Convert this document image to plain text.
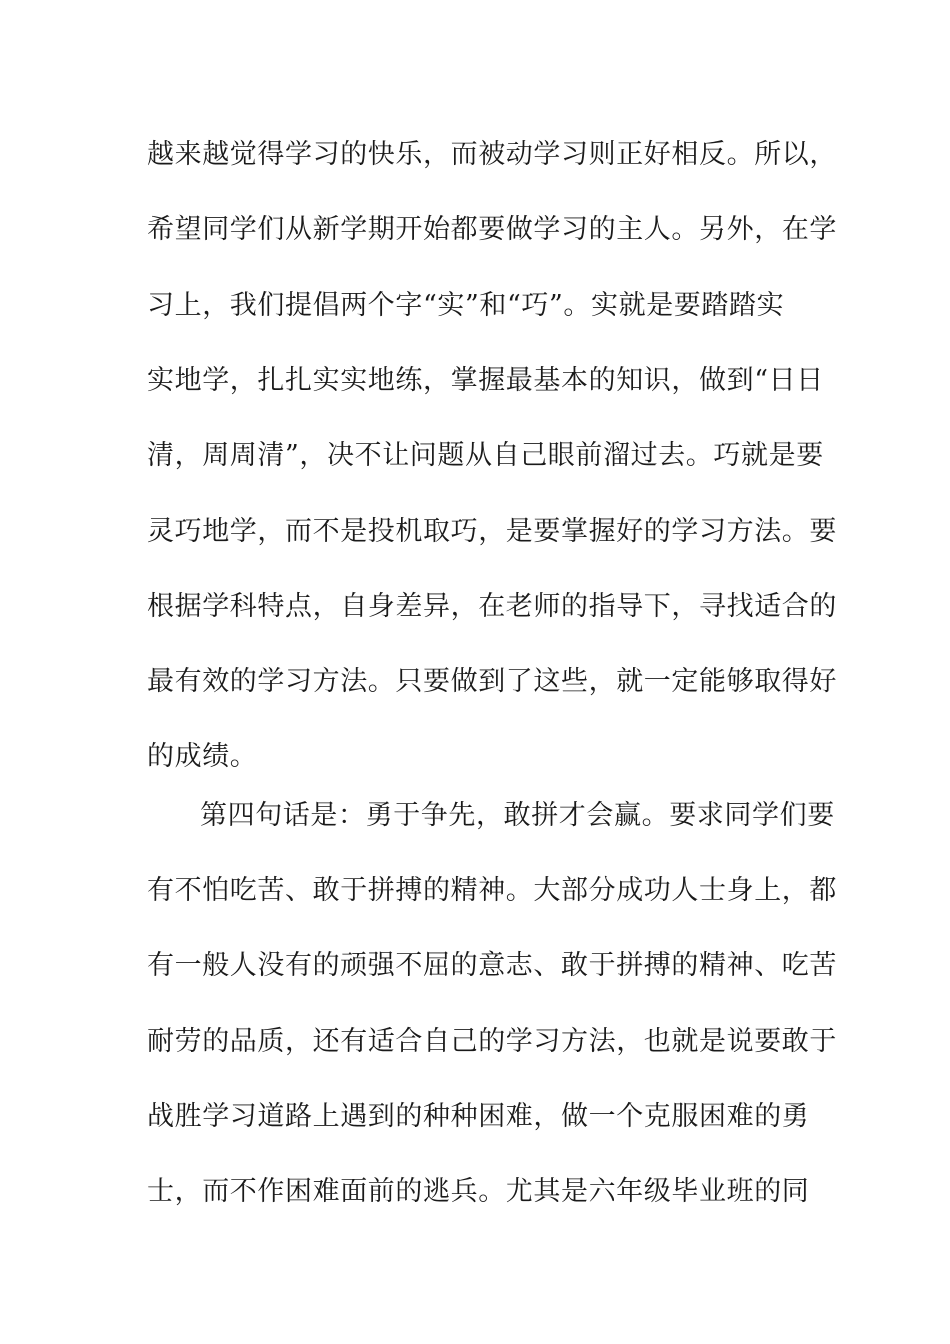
越来越觉得学习的快乐，而被动学习则正好相反。所以，
希望同学们从新学期开始都要做学习的主人。另外，在学
习上，我们提倡两个字“实”和“巧”。实就是要踏踏实
实地学，扎扎实实地练，掌握最基本的知识，做到“日日
清，周周清”，决不让问题从自己眼前溜过去。巧就是要
灵巧地学，而不是投机取巧，是要掌握好的学习方法。要
根据学科特点，自身差异，在老师的指导下，寻找适合的
最有效的学习方法。只要做到了这些，就一定能够取得好
的成绩。
第四句话是：勇于争先，敢拼才会赢。要求同学们要
有不怕吃苦、敢于拼搏的精神。大部分成功人士身上，都
有一般人没有的顽强不屈的意志、敢于拼搏的精神、吃苦
耐劳的品质，还有适合自己的学习方法，也就是说要敢于
战胜学习道路上遇到的种种困难，做一个克服困难的勇
士，而不作困难面前的逃兵。尤其是六年级毕业班的同
